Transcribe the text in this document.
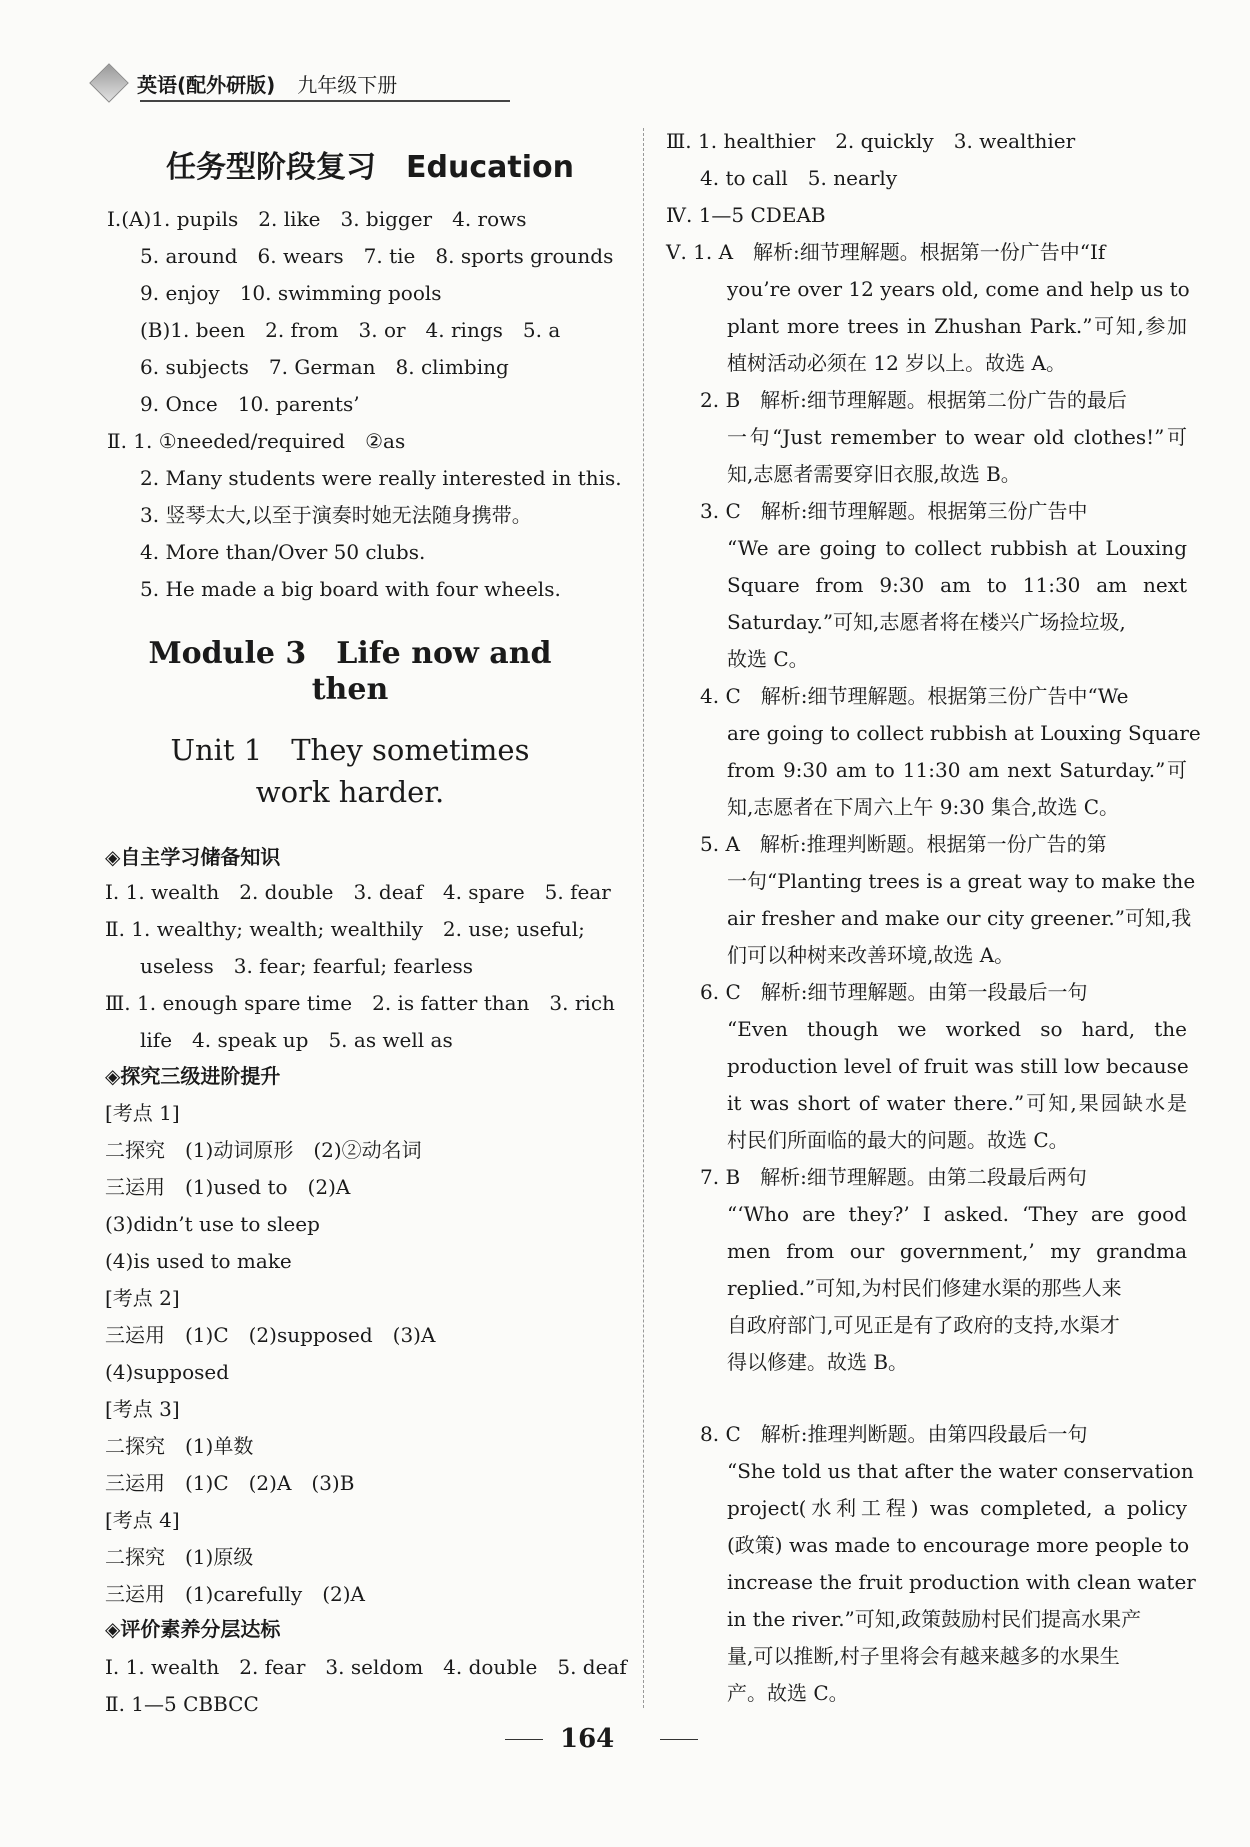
英语(配外研版) 九年级下册
任务型阶段复习　Education
Ⅰ.(A)1. pupils　2. like　3. bigger　4. rows
5. around　6. wears　7. tie　8. sports grounds
9. enjoy　10. swimming pools
(B)1. been　2. from　3. or　4. rings　5. a
6. subjects　7. German　8. climbing
9. Once　10. parents’
Ⅱ. 1. ①needed/required　②as
2. Many students were really interested in this.
3. 竖琴太大,以至于演奏时她无法随身携带。
4. More than/Over 50 clubs.
5. He made a big board with four wheels.
Module 3　Life now and then
Unit 1　They sometimes
work harder.
◈自主学习储备知识
Ⅰ. 1. wealth　2. double　3. deaf　4. spare　5. fear
Ⅱ. 1. wealthy; wealth; wealthily　2. use; useful;
useless　3. fear; fearful; fearless
Ⅲ. 1. enough spare time　2. is fatter than　3. rich
life　4. speak up　5. as well as
◈探究三级进阶提升
[考点 1]
二探究　(1)动词原形　(2)②动名词
三运用　(1)used to　(2)A
(3)didn’t use to sleep
(4)is used to make
[考点 2]
三运用　(1)C　(2)supposed　(3)A
(4)supposed
[考点 3]
二探究　(1)单数
三运用　(1)C　(2)A　(3)B
[考点 4]
二探究　(1)原级
三运用　(1)carefully　(2)A
◈评价素养分层达标
Ⅰ. 1. wealth　2. fear　3. seldom　4. double　5. deaf
Ⅱ. 1—5 CBBCC
Ⅲ. 1. healthier　2. quickly　3. wealthier
4. to call　5. nearly
Ⅳ. 1—5 CDEAB
Ⅴ. 1. A　解析:细节理解题。根据第一份广告中“If
you’re over 12 years old, come and help us to
plant more trees in Zhushan Park.”可知,参加
植树活动必须在 12 岁以上。故选 A。
2. B　解析:细节理解题。根据第二份广告的最后
一句“Just remember to wear old clothes!”可
知,志愿者需要穿旧衣服,故选 B。
3. C　解析:细节理解题。根据第三份广告中
“We are going to collect rubbish at Louxing
Square from 9:30 am to 11:30 am next
Saturday.”可知,志愿者将在楼兴广场捡垃圾,
故选 C。
4. C　解析:细节理解题。根据第三份广告中“We
are going to collect rubbish at Louxing Square
from 9:30 am to 11:30 am next Saturday.”可
知,志愿者在下周六上午 9:30 集合,故选 C。
5. A　解析:推理判断题。根据第一份广告的第
一句“Planting trees is a great way to make the
air fresher and make our city greener.”可知,我
们可以种树来改善环境,故选 A。
6. C　解析:细节理解题。由第一段最后一句
“Even though we worked so hard, the
production level of fruit was still low because
it was short of water there.”可知,果园缺水是
村民们所面临的最大的问题。故选 C。
7. B　解析:细节理解题。由第二段最后两句
“‘Who are they?’ I asked. ‘They are good
men from our government,’ my grandma
replied.”可知,为村民们修建水渠的那些人来
自政府部门,可见正是有了政府的支持,水渠才
得以修建。故选 B。
8. C　解析:推理判断题。由第四段最后一句
“She told us that after the water conservation
project(水利工程) was completed, a policy
(政策) was made to encourage more people to
increase the fruit production with clean water
in the river.”可知,政策鼓励村民们提高水果产
量,可以推断,村子里将会有越来越多的水果生
产。故选 C。
164
